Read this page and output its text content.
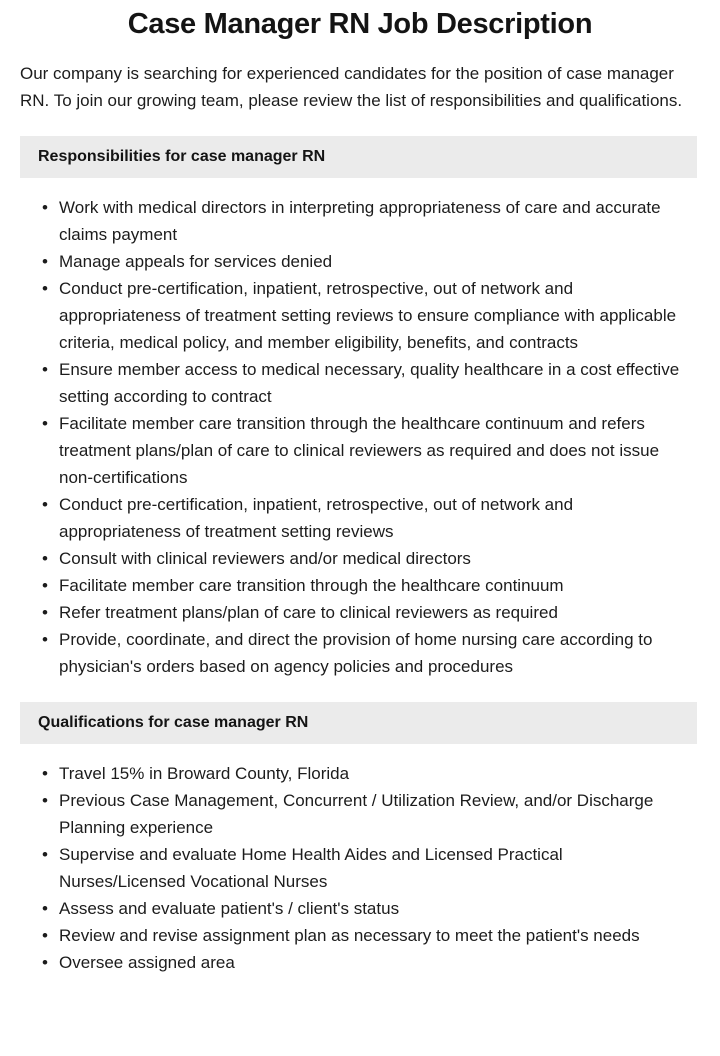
Case Manager RN Job Description

Our company is searching for experienced candidates for the position of case manager RN. To join our growing team, please review the list of responsibilities and qualifications.

Responsibilities for case manager RN
• Work with medical directors in interpreting appropriateness of care and accurate claims payment
• Manage appeals for services denied
• Conduct pre-certification, inpatient, retrospective, out of network and appropriateness of treatment setting reviews to ensure compliance with applicable criteria, medical policy, and member eligibility, benefits, and contracts
• Ensure member access to medical necessary, quality healthcare in a cost effective setting according to contract
• Facilitate member care transition through the healthcare continuum and refers treatment plans/plan of care to clinical reviewers as required and does not issue non-certifications
• Conduct pre-certification, inpatient, retrospective, out of network and appropriateness of treatment setting reviews
• Consult with clinical reviewers and/or medical directors
• Facilitate member care transition through the healthcare continuum
• Refer treatment plans/plan of care to clinical reviewers as required
• Provide, coordinate, and direct the provision of home nursing care according to physician's orders based on agency policies and procedures
Qualifications for case manager RN
• Travel 15% in Broward County, Florida
• Previous Case Management, Concurrent / Utilization Review, and/or Discharge Planning experience
• Supervise and evaluate Home Health Aides and Licensed Practical Nurses/Licensed Vocational Nurses
• Assess and evaluate patient's / client's status
• Review and revise assignment plan as necessary to meet the patient's needs
• Oversee assigned area
